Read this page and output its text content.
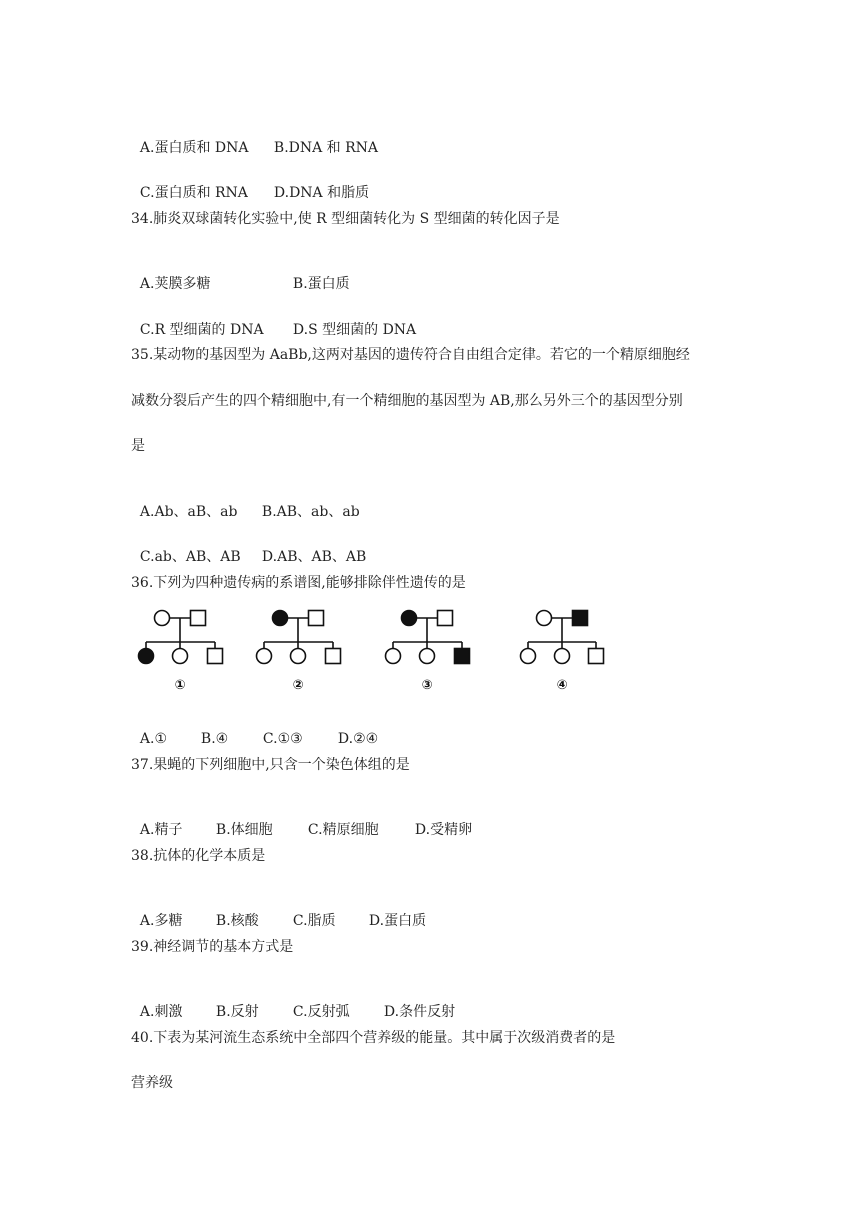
A.蛋白质和 DNA B.DNA 和 RNA

C.蛋白质和 RNA D.DNA 和脂质

34.肺炎双球菌转化实验中,使 R 型细菌转化为 S 型细菌的转化因子是

A.荚膜多糖	B.蛋白质

C.R 型细菌的 DNA D.S 型细菌的 DNA

35.某动物的基因型为 AaBb,这两对基因的遗传符合自由组合定律。若它的一个精原细胞经
减数分裂后产生的四个精细胞中,有一个精细胞的基因型为 AB,那么另外三个的基因型分别
是

A.Ab、aB、ab B.AB、ab、ab

C.ab、AB、AB D.AB、AB、AB

36.下列为四种遗传病的系谱图,能够排除伴性遗传的是
①	②	③	④

A.① B.④ C.①③	D.②④

37.果蝇的下列细胞中,只含一个染色体组的是

A.精子 B.体细胞	C.精原细胞	D.受精卵

38.抗体的化学本质是

A.多糖 B.核酸 C.脂质 D.蛋白质

39.神经调节的基本方式是

A.刺激 B.反射 C.反射弧 D.条件反射

40.下表为某河流生态系统中全部四个营养级的能量。其中属于次级消费者的是
营养级
